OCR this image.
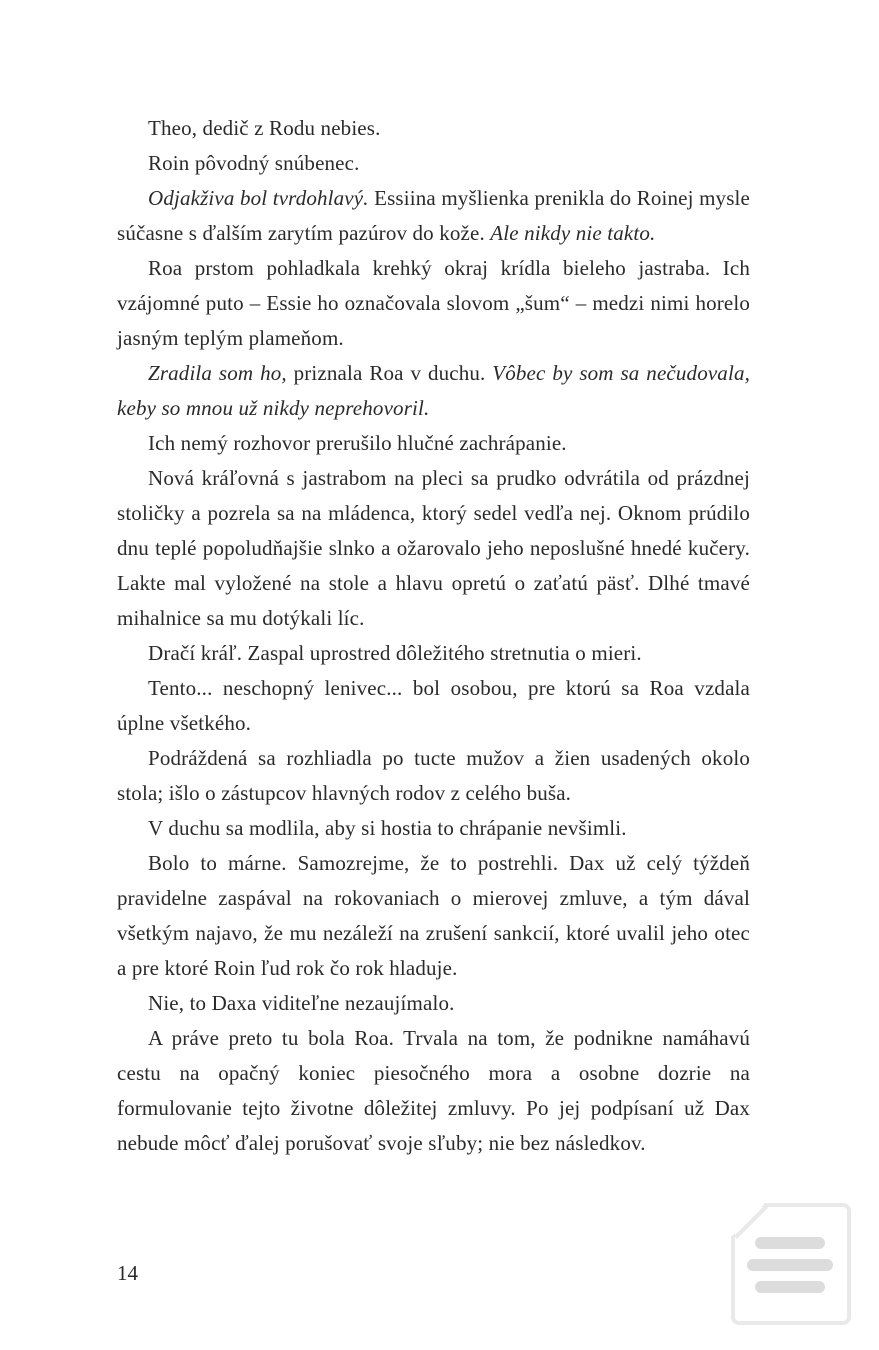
Theo, dedič z Rodu nebies.

Roin pôvodný snúbenec.

Odjakživa bol tvrdohlavý. Essiina myšlienka prenikla do Roinej mysle súčasne s ďalším zarytím pazúrov do kože. Ale nikdy nie takto.

Roa prstom pohladkala krehký okraj krídla bieleho jastraba. Ich vzájomné puto – Essie ho označovala slovom „šum“ – medzi nimi horelo jasným teplým plameňom.

Zradila som ho, priznala Roa v duchu. Vôbec by som sa nečudovala, keby so mnou už nikdy neprehovoril.

Ich nemý rozhovor prerušilo hlučné zachrápanie.

Nová kráľovná s jastrabom na pleci sa prudko odvrátila od prázdnej stoličky a pozrela sa na mládenca, ktorý sedel vedľa nej. Oknom prúdilo dnu teplé popoludňajšie slnko a ožarovalo jeho neposlušné hnedé kučery. Lakte mal vyložené na stole a hlavu opretú o zaťatú päsť. Dlhé tmavé mihalnice sa mu dotýkali líc.

Dračí kráľ. Zaspal uprostred dôležitého stretnutia o mieri.

Tento... neschopný lenivec... bol osobou, pre ktorú sa Roa vzdala úplne všetkého.

Podráždená sa rozhliadla po tucte mužov a žien usadených okolo stola; išlo o zástupcov hlavných rodov z celého buša.

V duchu sa modlila, aby si hostia to chrápanie nevšimli.

Bolo to márne. Samozrejme, že to postrehli. Dax už celý týždeň pravidelne zaspával na rokovaniach o mierovej zmluve, a tým dával všetkým najavo, že mu nezáleží na zrušení sankcií, ktoré uvalil jeho otec a pre ktoré Roin ľud rok čo rok hladuje.

Nie, to Daxa viditeľne nezaujímalo.

A práve preto tu bola Roa. Trvala na tom, že podnikne namáhavú cestu na opačný koniec piesočného mora a osobne dozrie na formulovanie tejto životne dôležitej zmluvy. Po jej podpísaní už Dax nebude môcť ďalej porušovať svoje sľuby; nie bez následkov.

14
